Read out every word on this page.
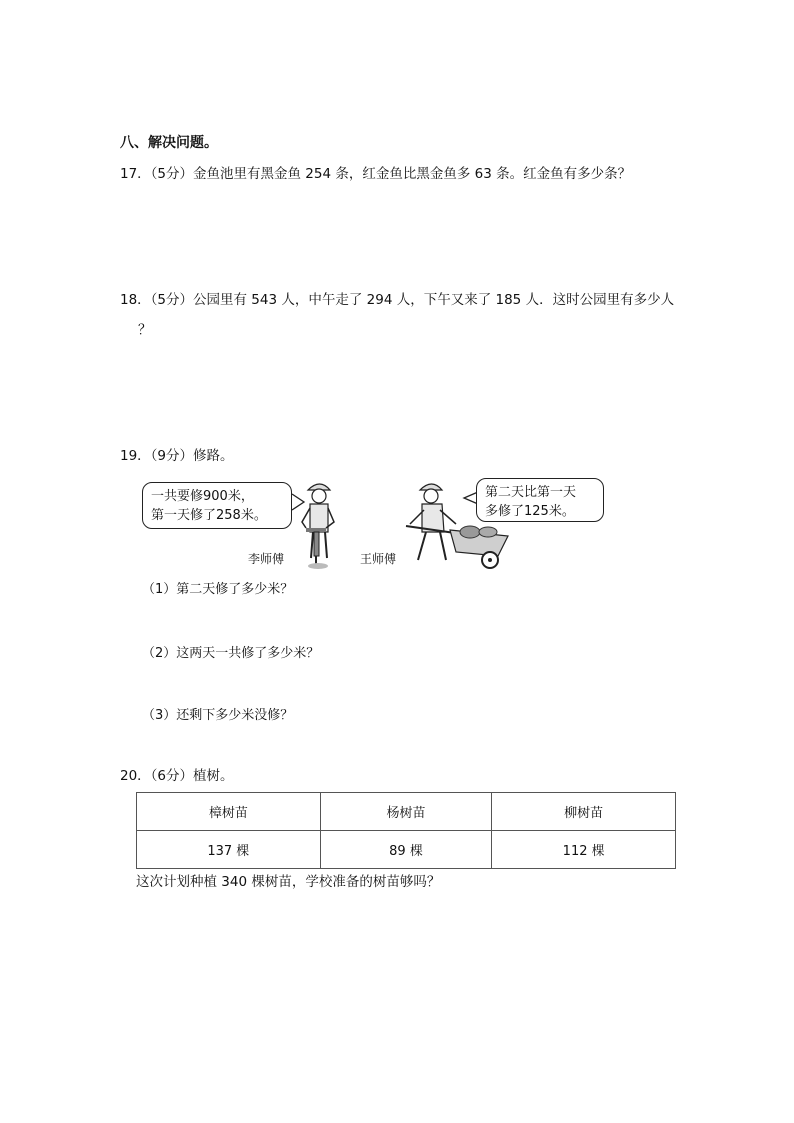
八、解决问题。
17．（5分）金鱼池里有黑金鱼 254 条，红金鱼比黑金鱼多 63 条。红金鱼有多少条？
18．（5分）公园里有 543 人，中午走了 294 人，下午又来了 185 人．这时公园里有多少人
？
19．（9分）修路。
一共要修900米，
第一天修了258米。
李师傅	王师傅
第二天比第一天
多修了125米。
（1）第二天修了多少米？
（2）这两天一共修了多少米？
（3）还剩下多少米没修？
20．（6分）植树。
樟树苗	杨树苗	柳树苗
137 棵	89 棵	112 棵
这次计划种植 340 棵树苗，学校准备的树苗够吗？
